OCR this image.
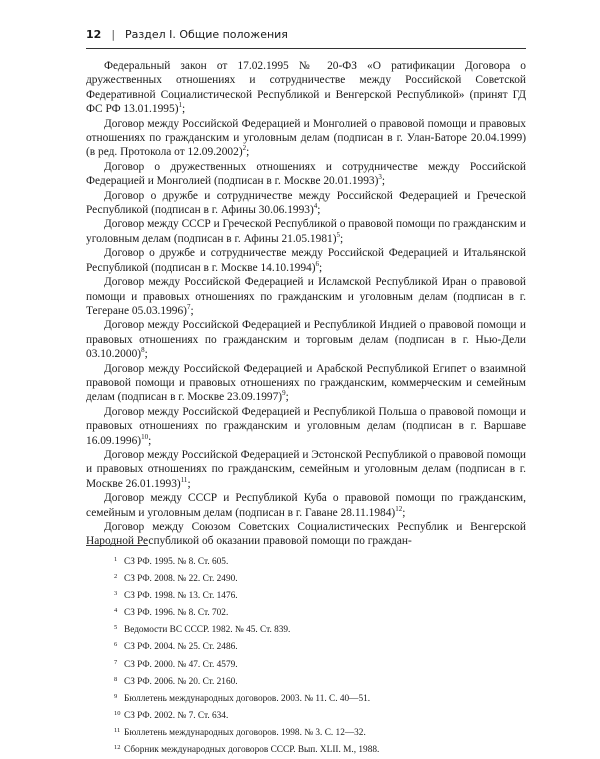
12 | Раздел I. Общие положения

Федеральный закон от 17.02.1995 № 20-ФЗ «О ратификации Договора о дружественных отношениях и сотрудничестве между Российской Советской Федеративной Социалистической Республикой и Венгерской Республикой» (принят ГД ФС РФ 13.01.1995)$^1$;

Договор между Российской Федерацией и Монголией о правовой помощи и правовых отношениях по гражданским и уголовным делам (подписан в г. Улан-Баторе 20.04.1999) (в ред. Протокола от 12.09.2002)$^2$;

Договор о дружественных отношениях и сотрудничестве между Российской Федерацией и Монголией (подписан в г. Москве 20.01.1993)$^3$;

Договор о дружбе и сотрудничестве между Российской Федерацией и Греческой Республикой (подписан в г. Афины 30.06.1993)$^4$;

Договор между СССР и Греческой Республикой о правовой помощи по гражданским и уголовным делам (подписан в г. Афины 21.05.1981)$^5$;

Договор о дружбе и сотрудничестве между Российской Федерацией и Итальянской Республикой (подписан в г. Москве 14.10.1994)$^6$;

Договор между Российской Федерацией и Исламской Республикой Иран о правовой помощи и правовых отношениях по гражданским и уголовным делам (подписан в г. Тегеране 05.03.1996)$^7$;

Договор между Российской Федерацией и Республикой Индией о правовой помощи и правовых отношениях по гражданским и торговым делам (подписан в г. Нью-Дели 03.10.2000)$^8$;

Договор между Российской Федерацией и Арабской Республикой Египет о взаимной правовой помощи и правовых отношениях по гражданским, коммерческим и семейным делам (подписан в г. Москве 23.09.1997)$^9$;

Договор между Российской Федерацией и Республикой Польша о правовой помощи и правовых отношениях по гражданским и уголовным делам (подписан в г. Варшаве 16.09.1996)$^{10}$;

Договор между Российской Федерацией и Эстонской Республикой о правовой помощи и правовых отношениях по гражданским, семейным и уголовным делам (подписан в г. Москве 26.01.1993)$^{11}$;

Договор между СССР и Республикой Куба о правовой помощи по гражданским, семейным и уголовным делам (подписан в г. Гаване 28.11.1984)$^{12}$;

Договор между Союзом Советских Социалистических Республик и Венгерской Народной Республикой об оказании правовой помощи по граждан-

1 СЗ РФ. 1995. № 8. Ст. 605.
2 СЗ РФ. 2008. № 22. Ст. 2490.
3 СЗ РФ. 1998. № 13. Ст. 1476.
4 СЗ РФ. 1996. № 8. Ст. 702.
5 Ведомости ВС СССР. 1982. № 45. Ст. 839.
6 СЗ РФ. 2004. № 25. Ст. 2486.
7 СЗ РФ. 2000. № 47. Ст. 4579.
8 СЗ РФ. 2006. № 20. Ст. 2160.
9 Бюллетень международных договоров. 2003. № 11. С. 40—51.
10 СЗ РФ. 2002. № 7. Ст. 634.
11 Бюллетень международных договоров. 1998. № 3. С. 12—32.
12 Сборник международных договоров СССР. Вып. XLII. М., 1988.
